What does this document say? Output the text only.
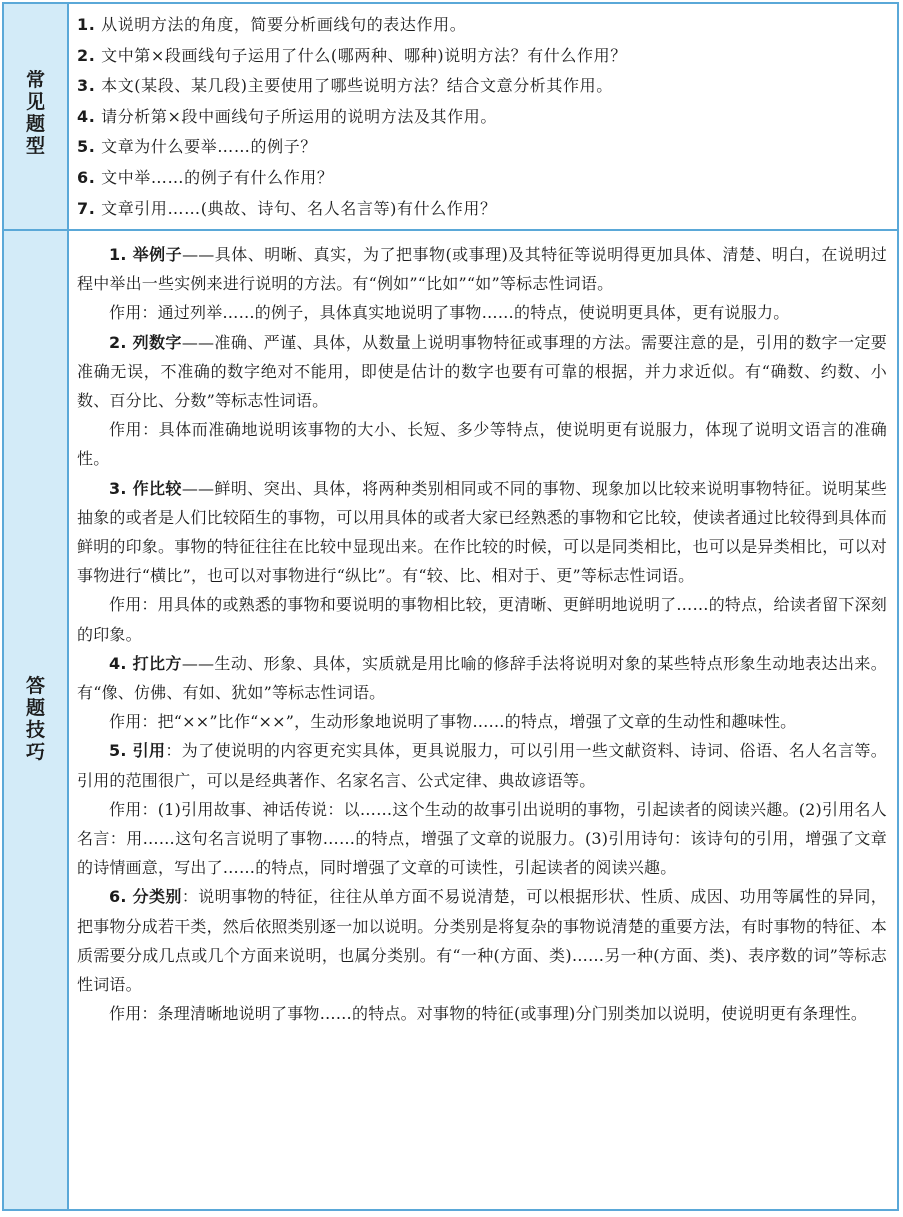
常
见
题
型
1. 从说明方法的角度，简要分析画线句的表达作用。
2. 文中第×段画线句子运用了什么(哪两种、哪种)说明方法？有什么作用？
3. 本文(某段、某几段)主要使用了哪些说明方法？结合文意分析其作用。
4. 请分析第×段中画线句子所运用的说明方法及其作用。
5. 文章为什么要举……的例子？
6. 文中举……的例子有什么作用？
7. 文章引用……(典故、诗句、名人名言等)有什么作用？
答
题
技
巧
1. 举例子——具体、明晰、真实，为了把事物(或事理)及其特征等说明得更加具体、清楚、明白，在说明过程中举出一些实例来进行说明的方法。有“例如”“比如”“如”等标志性词语。
作用：通过列举……的例子，具体真实地说明了事物……的特点，使说明更具体，更有说服力。
2. 列数字——准确、严谨、具体，从数量上说明事物特征或事理的方法。需要注意的是，引用的数字一定要准确无误，不准确的数字绝对不能用，即使是估计的数字也要有可靠的根据，并力求近似。有“确数、约数、小数、百分比、分数”等标志性词语。
作用：具体而准确地说明该事物的大小、长短、多少等特点，使说明更有说服力，体现了说明文语言的准确性。
3. 作比较——鲜明、突出、具体，将两种类别相同或不同的事物、现象加以比较来说明事物特征。说明某些抽象的或者是人们比较陌生的事物，可以用具体的或者大家已经熟悉的事物和它比较，使读者通过比较得到具体而鲜明的印象。事物的特征往往在比较中显现出来。在作比较的时候，可以是同类相比，也可以是异类相比，可以对事物进行“横比”，也可以对事物进行“纵比”。有“较、比、相对于、更”等标志性词语。
作用：用具体的或熟悉的事物和要说明的事物相比较，更清晰、更鲜明地说明了……的特点，给读者留下深刻的印象。
4. 打比方——生动、形象、具体，实质就是用比喻的修辞手法将说明对象的某些特点形象生动地表达出来。有“像、仿佛、有如、犹如”等标志性词语。
作用：把“××”比作“××”，生动形象地说明了事物……的特点，增强了文章的生动性和趣味性。
5. 引用：为了使说明的内容更充实具体，更具说服力，可以引用一些文献资料、诗词、俗语、名人名言等。引用的范围很广，可以是经典著作、名家名言、公式定律、典故谚语等。
作用：(1)引用故事、神话传说：以……这个生动的故事引出说明的事物，引起读者的阅读兴趣。(2)引用名人名言：用……这句名言说明了事物……的特点，增强了文章的说服力。(3)引用诗句：该诗句的引用，增强了文章的诗情画意，写出了……的特点，同时增强了文章的可读性，引起读者的阅读兴趣。
6. 分类别：说明事物的特征，往往从单方面不易说清楚，可以根据形状、性质、成因、功用等属性的异同，把事物分成若干类，然后依照类别逐一加以说明。分类别是将复杂的事物说清楚的重要方法，有时事物的特征、本质需要分成几点或几个方面来说明，也属分类别。有“一种(方面、类)……另一种(方面、类)、表序数的词”等标志性词语。
作用：条理清晰地说明了事物……的特点。对事物的特征(或事理)分门别类加以说明，使说明更有条理性。
